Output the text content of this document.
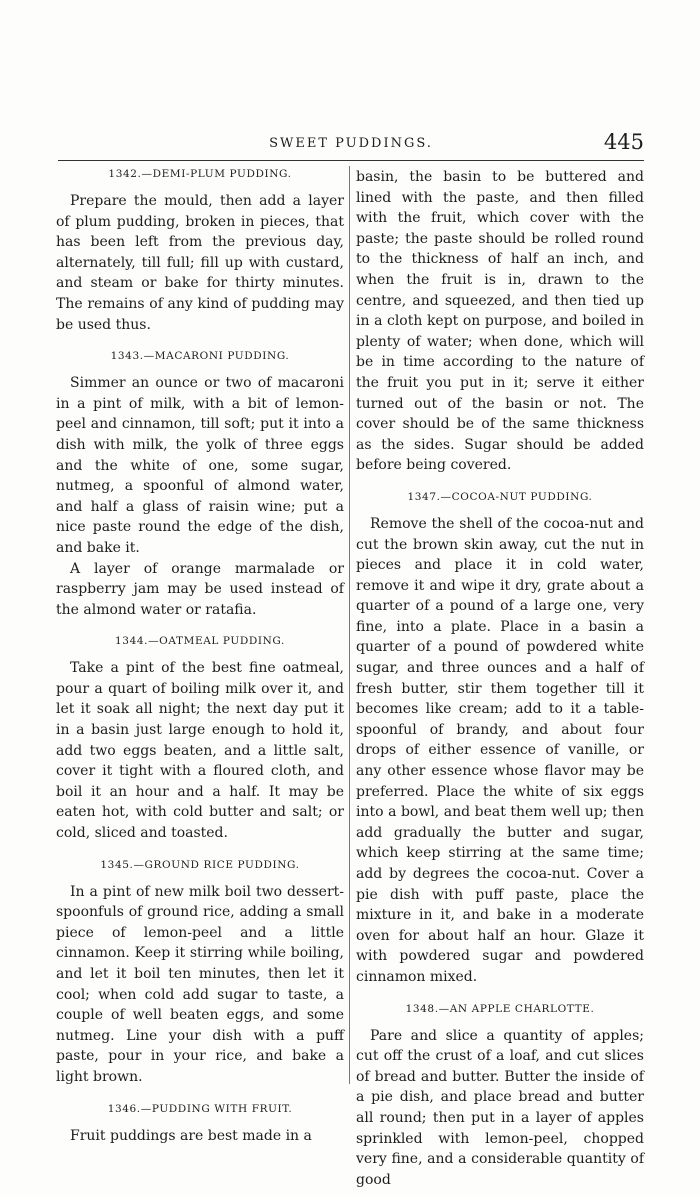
SWEET PUDDINGS.	445
1342.—DEMI-PLUM PUDDING.

Prepare the mould, then add a layer of plum pudding, broken in pieces, that has been left from the previous day, alternately, till full; fill up with custard, and steam or bake for thirty minutes. The remains of any kind of pudding may be used thus.

1343.—MACARONI PUDDING.

Simmer an ounce or two of macaroni in a pint of milk, with a bit of lemon-peel and cinnamon, till soft; put it into a dish with milk, the yolk of three eggs and the white of one, some sugar, nutmeg, a spoonful of almond water, and half a glass of raisin wine; put a nice paste round the edge of the dish, and bake it.

A layer of orange marmalade or raspberry jam may be used instead of the almond water or ratafia.

1344.—OATMEAL PUDDING.

Take a pint of the best fine oatmeal, pour a quart of boiling milk over it, and let it soak all night; the next day put it in a basin just large enough to hold it, add two eggs beaten, and a little salt, cover it tight with a floured cloth, and boil it an hour and a half. It may be eaten hot, with cold butter and salt; or cold, sliced and toasted.

1345.—GROUND RICE PUDDING.

In a pint of new milk boil two dessert-spoonfuls of ground rice, adding a small piece of lemon-peel and a little cinnamon. Keep it stirring while boiling, and let it boil ten minutes, then let it cool; when cold add sugar to taste, a couple of well beaten eggs, and some nutmeg. Line your dish with a puff paste, pour in your rice, and bake a light brown.

1346.—PUDDING WITH FRUIT.

Fruit puddings are best made in a

basin, the basin to be buttered and lined with the paste, and then filled with the fruit, which cover with the paste; the paste should be rolled round to the thickness of half an inch, and when the fruit is in, drawn to the centre, and squeezed, and then tied up in a cloth kept on purpose, and boiled in plenty of water; when done, which will be in time according to the nature of the fruit you put in it; serve it either turned out of the basin or not. The cover should be of the same thickness as the sides. Sugar should be added before being covered.

1347.—COCOA-NUT PUDDING.

Remove the shell of the cocoa-nut and cut the brown skin away, cut the nut in pieces and place it in cold water, remove it and wipe it dry, grate about a quarter of a pound of a large one, very fine, into a plate. Place in a basin a quarter of a pound of powdered white sugar, and three ounces and a half of fresh butter, stir them together till it becomes like cream; add to it a table-spoonful of brandy, and about four drops of either essence of vanille, or any other essence whose flavor may be preferred. Place the white of six eggs into a bowl, and beat them well up; then add gradually the butter and sugar, which keep stirring at the same time; add by degrees the cocoa-nut. Cover a pie dish with puff paste, place the mixture in it, and bake in a moderate oven for about half an hour. Glaze it with powdered sugar and powdered cinnamon mixed.

1348.—AN APPLE CHARLOTTE.

Pare and slice a quantity of apples; cut off the crust of a loaf, and cut slices of bread and butter. Butter the inside of a pie dish, and place bread and butter all round; then put in a layer of apples sprinkled with lemon-peel, chopped very fine, and a considerable quantity of good
